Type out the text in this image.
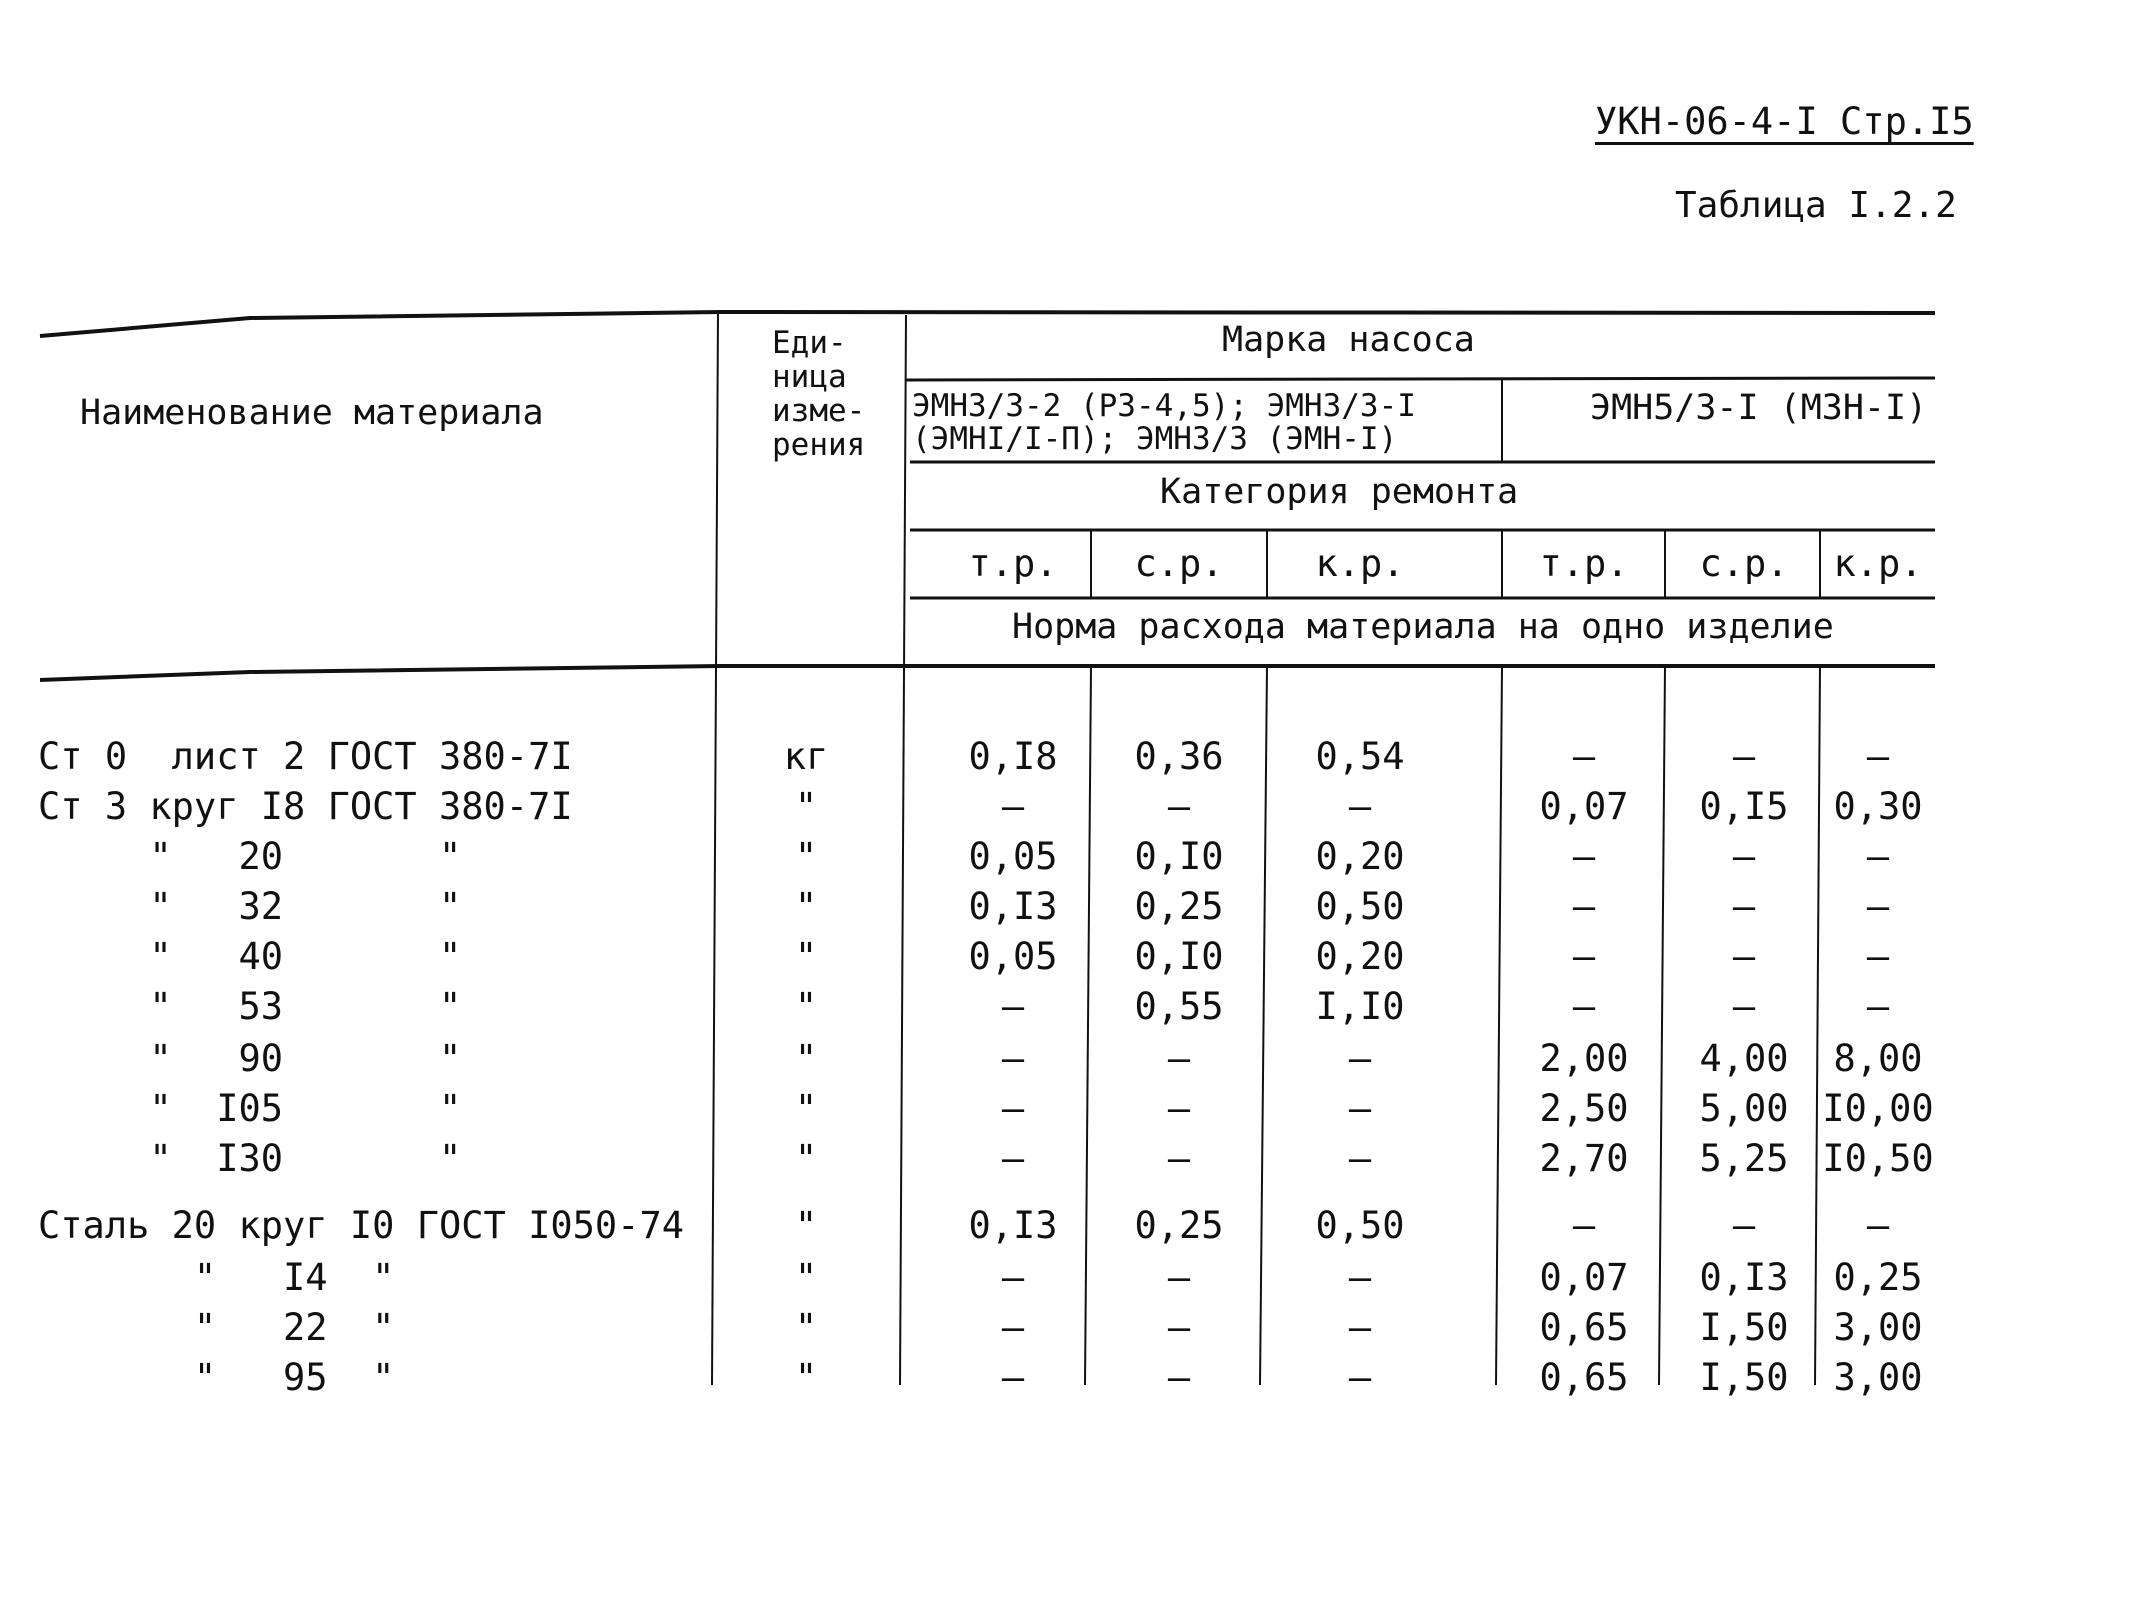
УКН-06-4-I Стр.I5
Таблица I.2.2
Наименование материала
Еди-
ница
изме-
рения
Марка насоса
ЭМН3/3-2 (Р3-4,5); ЭМН3/3-I
(ЭМНI/I-П); ЭМН3/3 (ЭМН-I)
ЭМН5/3-I (МЗН-I)
Категория ремонта
т.р. с.р. к.р.	т.р. с.р. к.р.
Норма расхода материала на одно изделие
Ст 0  лист 2 ГОСТ 380-7I	кг	0,I8 0,36 0,54	–	–	–
Ст 3 круг I8 ГОСТ 380-7I	"	–	–	–	0,07 0,I5 0,30
"   20       "	"	0,05 0,I0 0,20	–	–	–
"   32       "	"	0,I3 0,25 0,50	–	–	–
"   40       "	"	0,05 0,I0 0,20	–	–	–
"   53       "	"	–	0,55 I,I0	–	–	–
"   90       "	"	–	–	–	2,00 4,00 8,00
"  I05       "	"	–	–	–	2,50 5,00 I0,00
"  I30       "	"	–	–	–	2,70 5,25 I0,50
Сталь 20 круг I0 ГОСТ I050-74	"	0,I3 0,25 0,50	–	–	–
"   I4  "	"	–	–	–	0,07 0,I3 0,25
"   22  "	"	–	–	–	0,65 I,50 3,00
"   95  "	"	–	–	–	0,65 I,50 3,00
